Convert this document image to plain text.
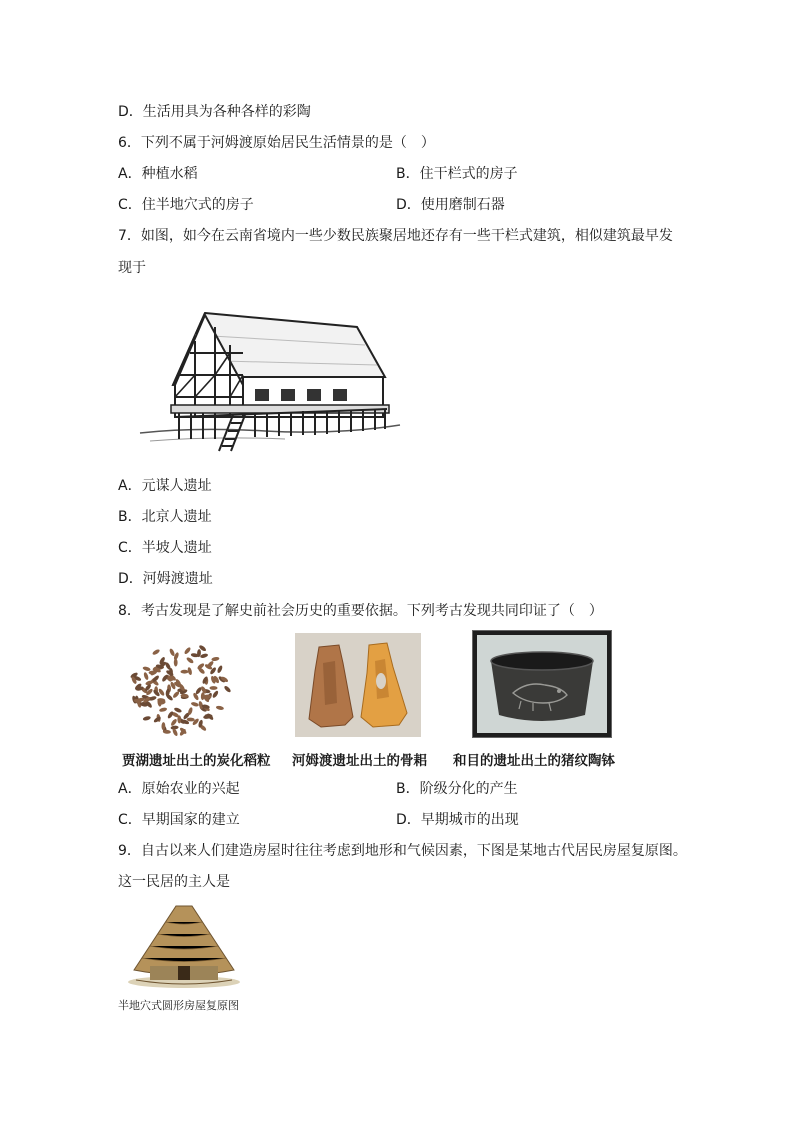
D．生活用具为各种各样的彩陶
6．下列不属于河姆渡原始居民生活情景的是（　）
A．种植水稻	B．住干栏式的房子
C．住半地穴式的房子	D．使用磨制石器
7．如图，如今在云南省境内一些少数民族聚居地还存有一些干栏式建筑，相似建筑最早发
现于
A．元谋人遗址
B．北京人遗址
C．半坡人遗址
D．河姆渡遗址
8．考古发现是了解史前社会历史的重要依据。下列考古发现共同印证了（　）
贾湖遗址出土的炭化稻粒 河姆渡遗址出土的骨耜 和目的遗址出土的猪纹陶钵
A．原始农业的兴起	B．阶级分化的产生
C．早期国家的建立	D．早期城市的出现
9．自古以来人们建造房屋时往往考虑到地形和气候因素，下图是某地古代居民房屋复原图。
这一民居的主人是
半地穴式圆形房屋复原图
